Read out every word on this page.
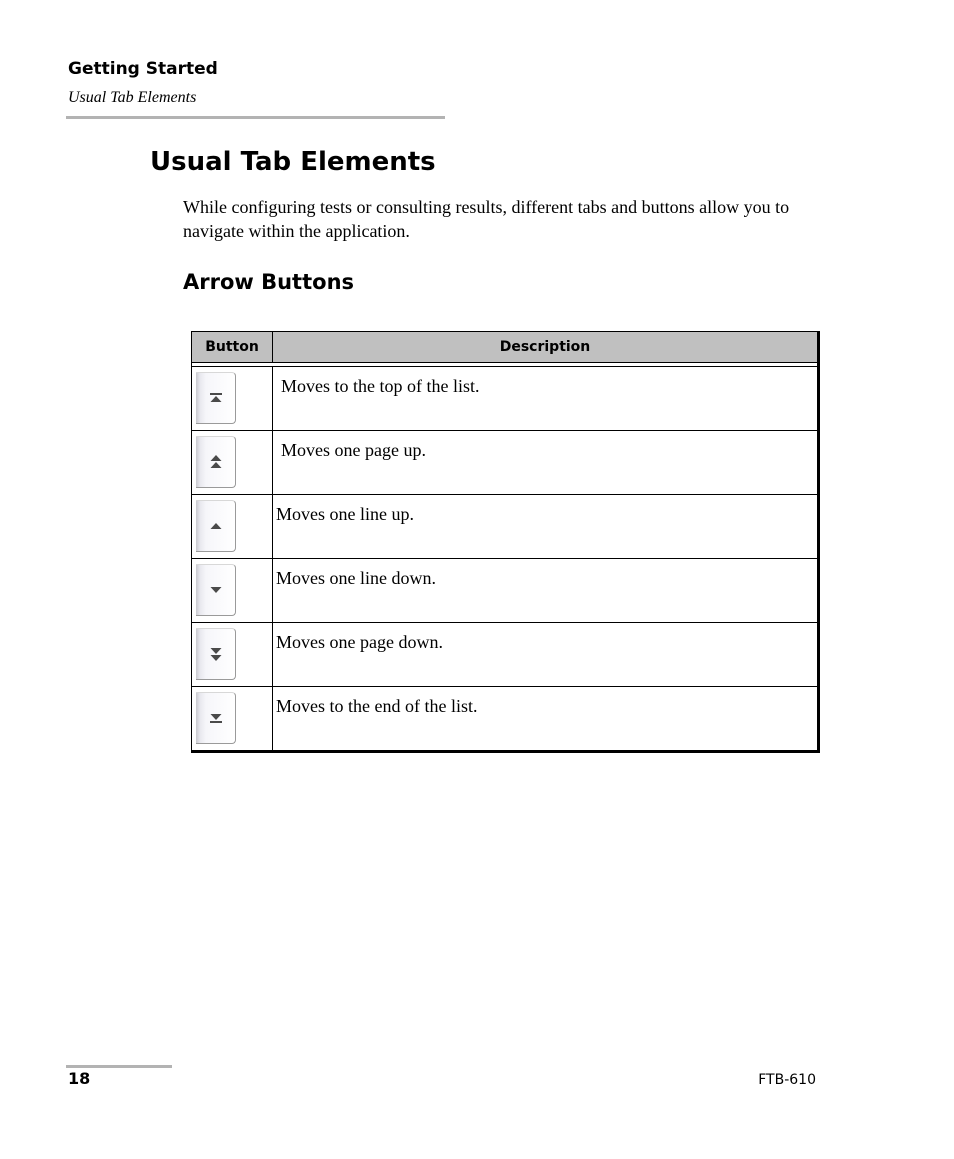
Getting Started
Usual Tab Elements
Usual Tab Elements

While configuring tests or consulting results, different tabs and buttons allow you to navigate within the application.

Arrow Buttons
Button	Description
Moves to the top of the list.
Moves one page up.
Moves one line up.
Moves one line down.
Moves one page down.
Moves to the end of the list.
18	FTB-610
